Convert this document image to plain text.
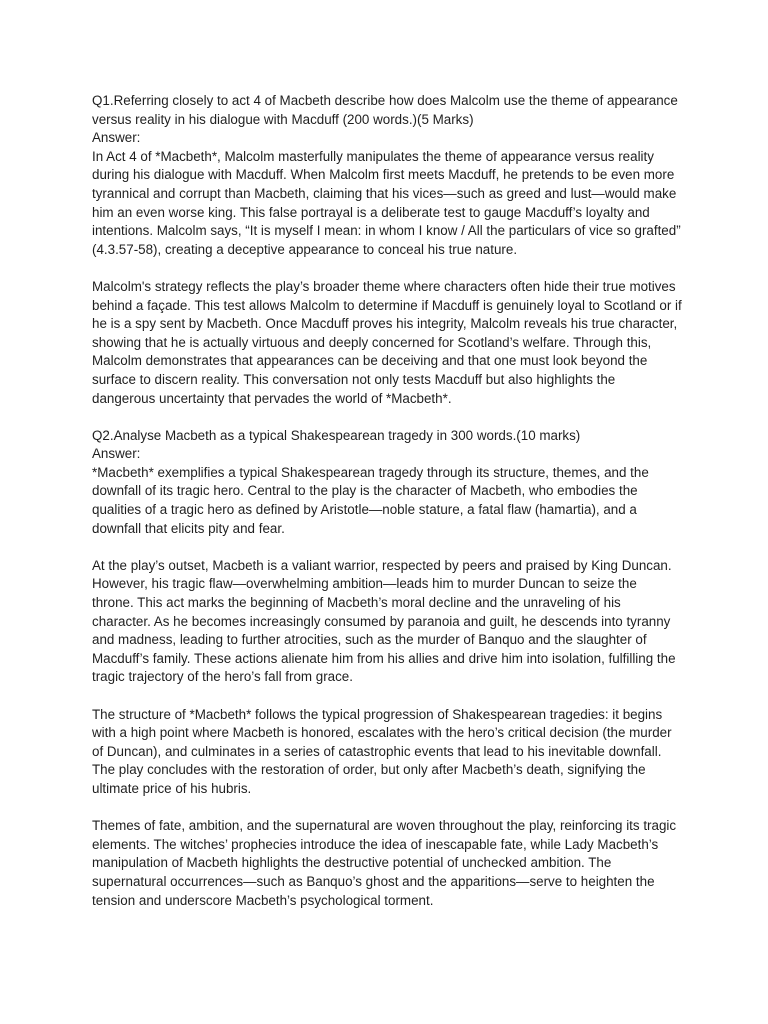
Q1.Referring closely to act 4 of Macbeth describe how does Malcolm use the theme of appearance versus reality in his dialogue with Macduff (200 words.)(5 Marks)

Answer:

In Act 4 of *Macbeth*, Malcolm masterfully manipulates the theme of appearance versus reality during his dialogue with Macduff. When Malcolm first meets Macduff, he pretends to be even more tyrannical and corrupt than Macbeth, claiming that his vices—such as greed and lust—would make him an even worse king. This false portrayal is a deliberate test to gauge Macduff’s loyalty and intentions. Malcolm says, “It is myself I mean: in whom I know / All the particulars of vice so grafted” (4.3.57-58), creating a deceptive appearance to conceal his true nature.

Malcolm's strategy reflects the play’s broader theme where characters often hide their true motives behind a façade. This test allows Malcolm to determine if Macduff is genuinely loyal to Scotland or if he is a spy sent by Macbeth. Once Macduff proves his integrity, Malcolm reveals his true character, showing that he is actually virtuous and deeply concerned for Scotland’s welfare. Through this, Malcolm demonstrates that appearances can be deceiving and that one must look beyond the surface to discern reality. This conversation not only tests Macduff but also highlights the dangerous uncertainty that pervades the world of *Macbeth*.

Q2.Analyse Macbeth as a typical Shakespearean tragedy in 300 words.(10 marks)

Answer:

*Macbeth* exemplifies a typical Shakespearean tragedy through its structure, themes, and the downfall of its tragic hero. Central to the play is the character of Macbeth, who embodies the qualities of a tragic hero as defined by Aristotle—noble stature, a fatal flaw (hamartia), and a downfall that elicits pity and fear.

At the play’s outset, Macbeth is a valiant warrior, respected by peers and praised by King Duncan. However, his tragic flaw—overwhelming ambition—leads him to murder Duncan to seize the throne. This act marks the beginning of Macbeth’s moral decline and the unraveling of his character. As he becomes increasingly consumed by paranoia and guilt, he descends into tyranny and madness, leading to further atrocities, such as the murder of Banquo and the slaughter of Macduff’s family. These actions alienate him from his allies and drive him into isolation, fulfilling the tragic trajectory of the hero’s fall from grace.

The structure of *Macbeth* follows the typical progression of Shakespearean tragedies: it begins with a high point where Macbeth is honored, escalates with the hero’s critical decision (the murder of Duncan), and culminates in a series of catastrophic events that lead to his inevitable downfall. The play concludes with the restoration of order, but only after Macbeth’s death, signifying the ultimate price of his hubris.

Themes of fate, ambition, and the supernatural are woven throughout the play, reinforcing its tragic elements. The witches’ prophecies introduce the idea of inescapable fate, while Lady Macbeth’s manipulation of Macbeth highlights the destructive potential of unchecked ambition. The supernatural occurrences—such as Banquo’s ghost and the apparitions—serve to heighten the tension and underscore Macbeth’s psychological torment.
